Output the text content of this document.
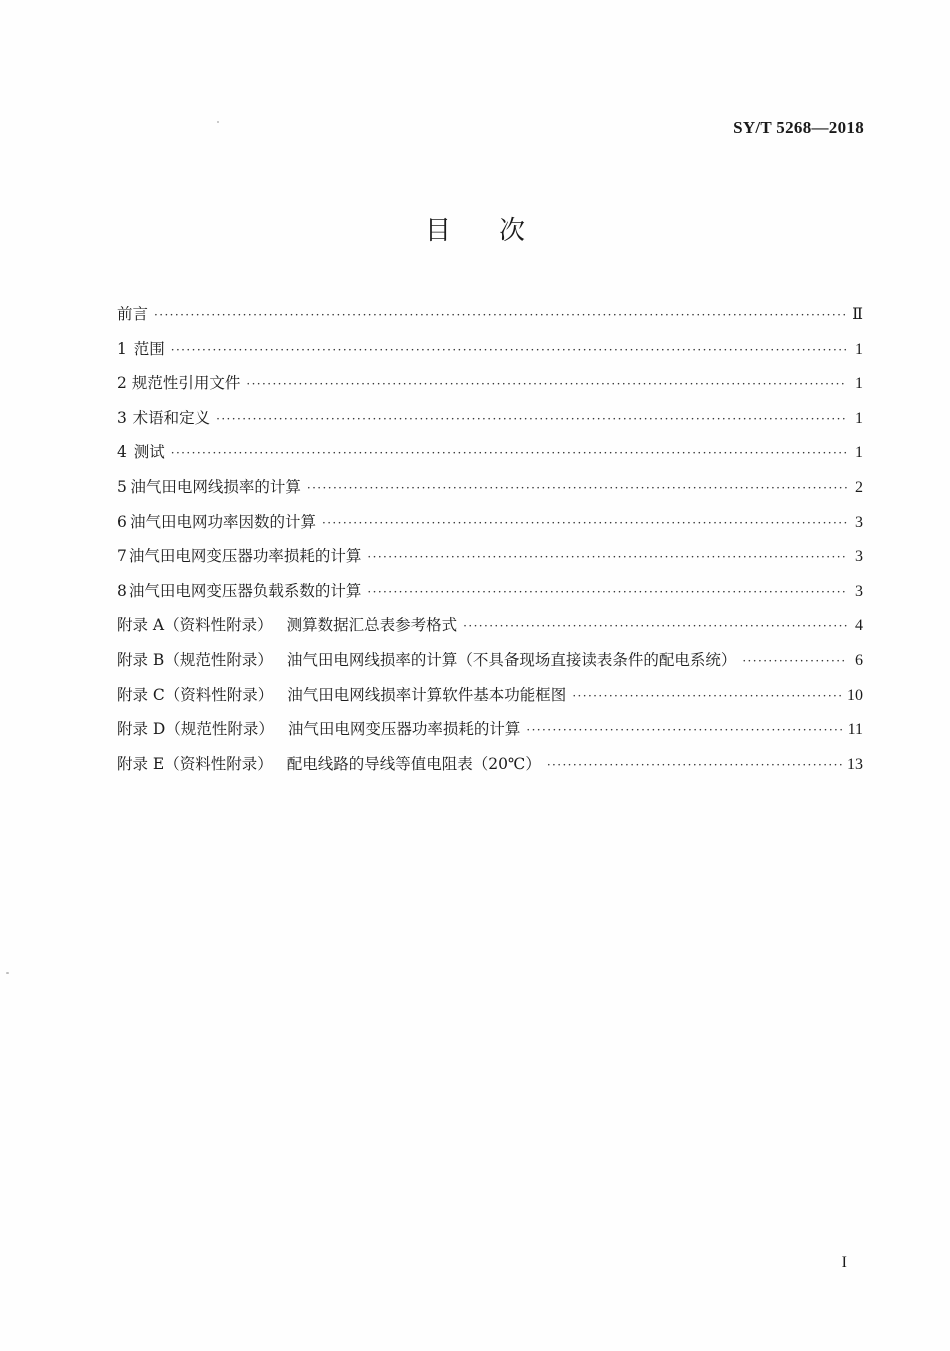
SY/T 5268—2018
目次
前言 ·····	Ⅱ
1 范围 ·····	1
2 规范性引用文件 ·····	1
3 术语和定义 ·····	1
4 测试 ·····	1
5 油气田电网线损率的计算 ·····	2
6 油气田电网功率因数的计算 ·····	3
7 油气田电网变压器功率损耗的计算 ·····	3
8 油气田电网变压器负载系数的计算 ·····	3
附录 A（资料性附录） 测算数据汇总表参考格式 ·····	4
附录 B（规范性附录） 油气田电网线损率的计算（不具备现场直接读表条件的配电系统） ·····	6
附录 C（资料性附录） 油气田电网线损率计算软件基本功能框图 ·····	10
附录 D（规范性附录） 油气田电网变压器功率损耗的计算 ·····	11
附录 E（资料性附录） 配电线路的导线等值电阻表（20℃） ·····	13
I
